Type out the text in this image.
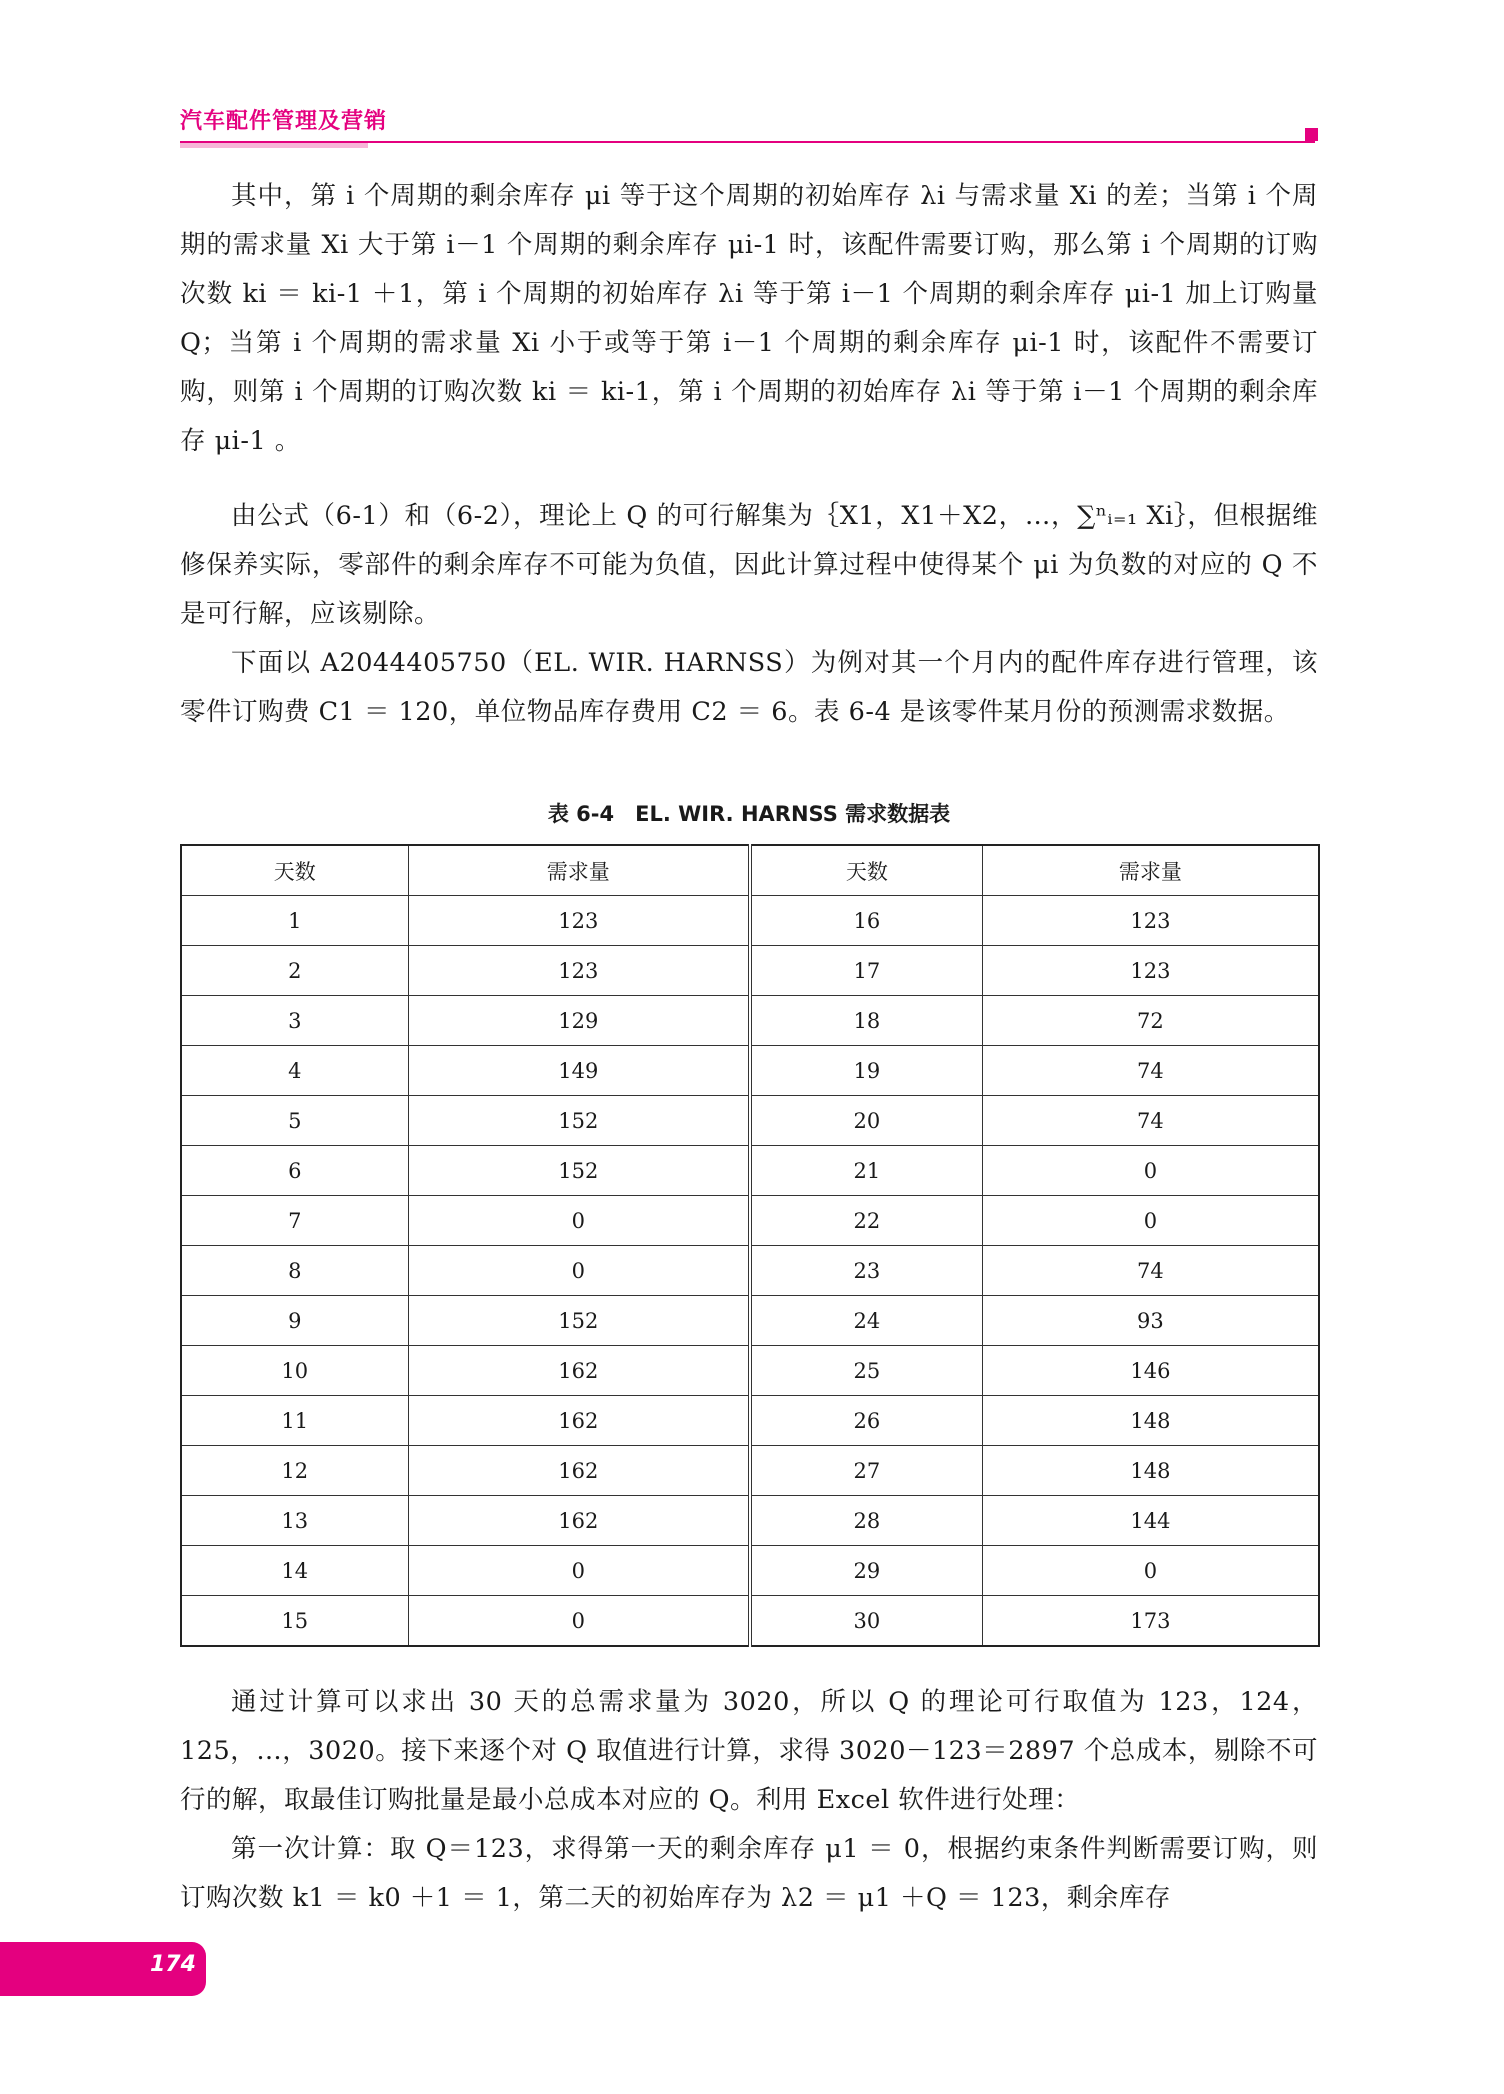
汽车配件管理及营销

其中，第 i 个周期的剩余库存 μi 等于这个周期的初始库存 λi 与需求量 Xi 的差；当第 i 个周期的需求量 Xi 大于第 i－1 个周期的剩余库存 μi-1 时，该配件需要订购，那么第 i 个周期的订购次数 ki ＝ ki-1 ＋1，第 i 个周期的初始库存 λi 等于第 i－1 个周期的剩余库存 μi-1 加上订购量 Q；当第 i 个周期的需求量 Xi 小于或等于第 i－1 个周期的剩余库存 μi-1 时，该配件不需要订购，则第 i 个周期的订购次数 ki ＝ ki-1，第 i 个周期的初始库存 λi 等于第 i－1 个周期的剩余库存 μi-1 。

由公式（6-1）和（6-2），理论上 Q 的可行解集为｛X1，X1＋X2，…，∑ⁿᵢ₌₁ Xi｝，但根据维修保养实际，零部件的剩余库存不可能为负值，因此计算过程中使得某个 μi 为负数的对应的 Q 不是可行解，应该剔除。

下面以 A2044405750（EL. WIR. HARNSS）为例对其一个月内的配件库存进行管理，该零件订购费 C1 ＝ 120，单位物品库存费用 C2 ＝ 6。表 6-4 是该零件某月份的预测需求数据。

表 6-4　EL. WIR. HARNSS 需求数据表
天数	需求量	天数	需求量
1	123	16	123
2	123	17	123
3	129	18	72
4	149	19	74
5	152	20	74
6	152	21	0
7	0	22	0
8	0	23	74
9	152	24	93
10	162	25	146
11	162	26	148
12	162	27	148
13	162	28	144
14	0	29	0
15	0	30	173

通过计算可以求出 30 天的总需求量为 3020，所以 Q 的理论可行取值为 123，124，125，…，3020。接下来逐个对 Q 取值进行计算，求得 3020－123＝2897 个总成本，剔除不可行的解，取最佳订购批量是最小总成本对应的 Q。利用 Excel 软件进行处理：

第一次计算：取 Q＝123，求得第一天的剩余库存 μ1 ＝ 0，根据约束条件判断需要订购，则订购次数 k1 ＝ k0 ＋1 ＝ 1，第二天的初始库存为 λ2 ＝ μ1 ＋Q ＝ 123，剩余库存

174
